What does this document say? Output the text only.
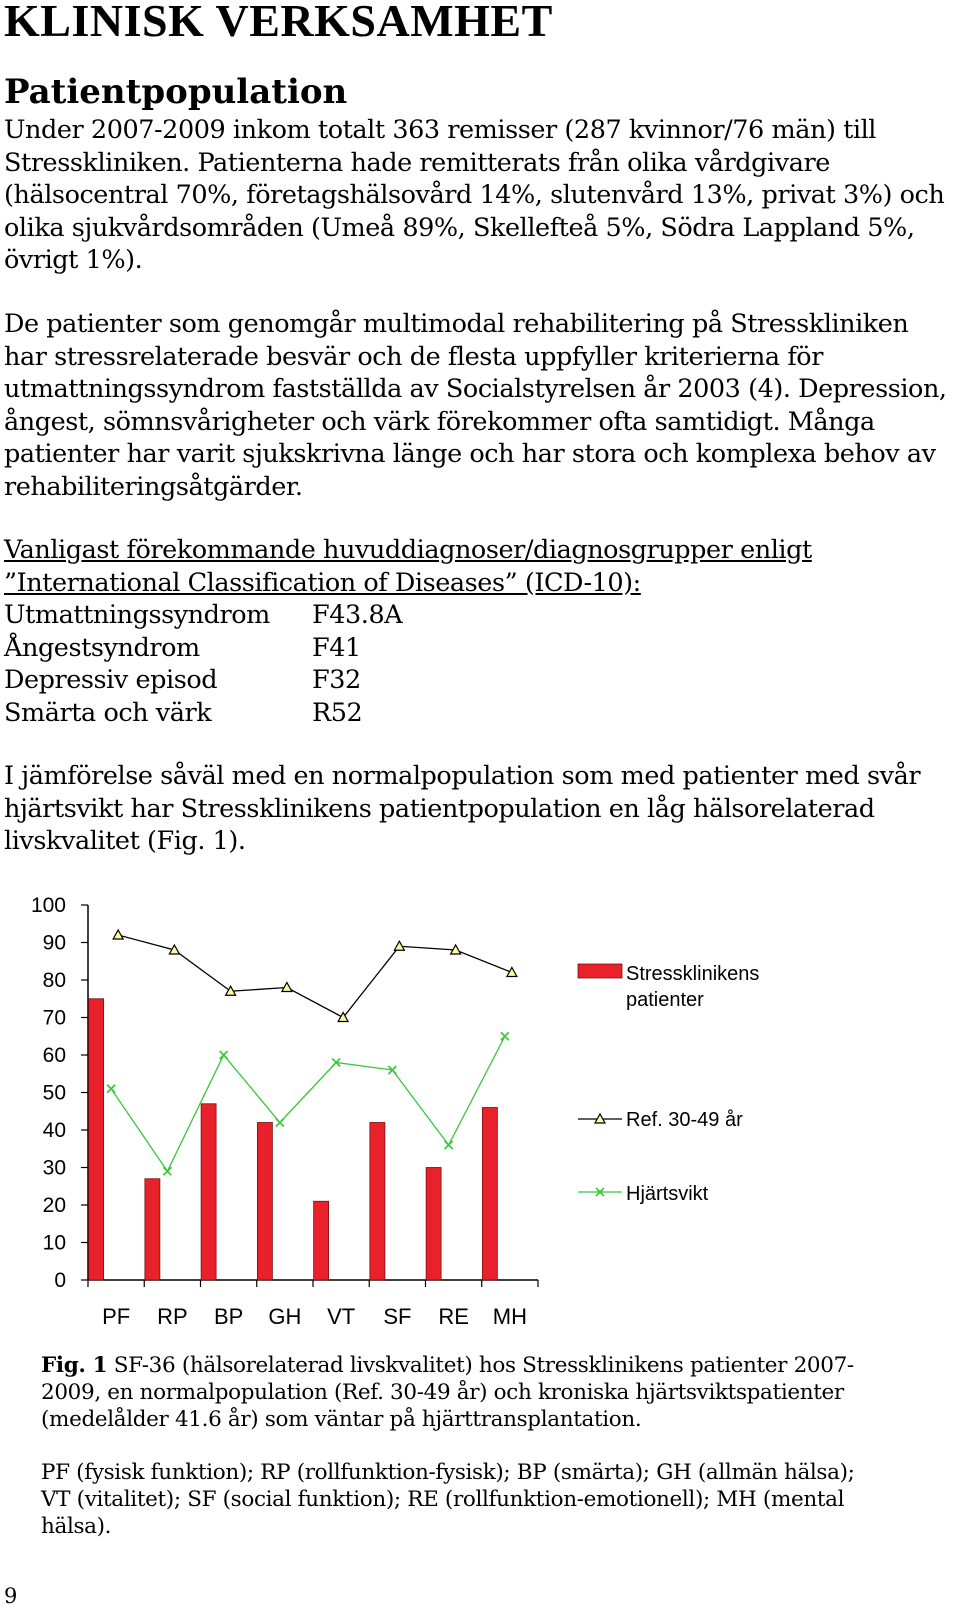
KLINISK VERKSAMHET
Patientpopulation

Under 2007-2009 inkom totalt 363 remisser (287 kvinnor/76 män) till Stresskliniken. Patienterna hade remitterats från olika vårdgivare (hälsocentral 70%, företagshälsovård 14%, slutenvård 13%, privat 3%) och olika sjukvårdsområden (Umeå 89%, Skellefteå 5%, Södra Lappland 5%, övrigt 1%).

De patienter som genomgår multimodal rehabilitering på Stresskliniken har stressrelaterade besvär och de flesta uppfyller kriterierna för utmattningssyndrom fastställda av Socialstyrelsen år 2003 (4). Depression, ångest, sömnsvårigheter och värk förekommer ofta samtidigt. Många patienter har varit sjukskrivna länge och har stora och komplexa behov av rehabiliteringsåtgärder.

Vanligast förekommande huvuddiagnoser/diagnosgrupper enligt ”International Classification of Diseases” (ICD-10):
Utmattningssyndrom	F43.8A
Ångestsyndrom	F41
Depressiv episod	F32
Smärta och värk	R52

I jämförelse såväl med en normalpopulation som med patienter med svår hjärtsvikt har Stressklinikens patientpopulation en låg hälsorelaterad livskvalitet (Fig. 1).

0
10
20
30
40
50
60
70
80
90
100
PF RP BP GH VT SF RE MH
Stressklinikens
patienter
Ref. 30-49 år
Hjärtsvikt

Fig. 1 SF-36 (hälsorelaterad livskvalitet) hos Stressklinikens patienter 2007-2009, en normalpopulation (Ref. 30-49 år) och kroniska hjärtsviktspatienter (medelålder 41.6 år) som väntar på hjärttransplantation.

PF (fysisk funktion); RP (rollfunktion-fysisk); BP (smärta); GH (allmän hälsa); VT (vitalitet); SF (social funktion); RE (rollfunktion-emotionell); MH (mental hälsa).

9
